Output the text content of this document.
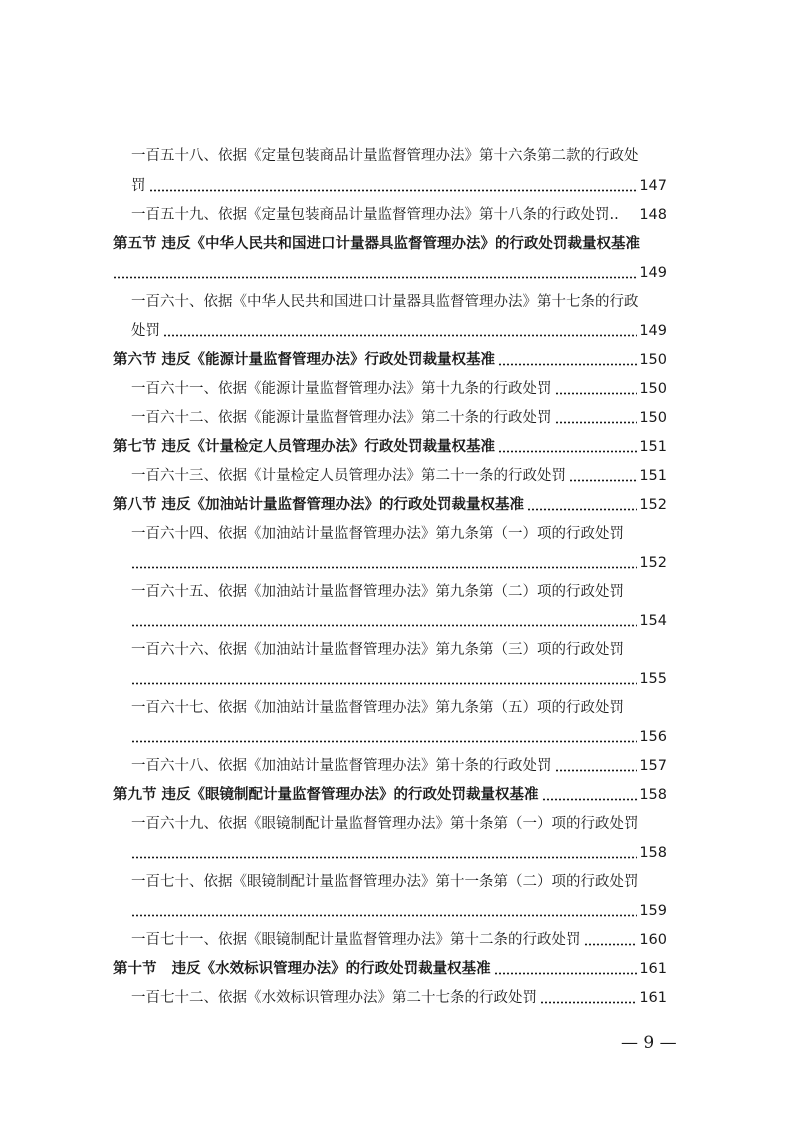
一百五十八、依据《定量包装商品计量监督管理办法》第十六条第二款的行政处
罚	147
一百五十九、依据《定量包装商品计量监督管理办法》第十八条的行政处罚.. 148
第五节 违反《中华人民共和国进口计量器具监督管理办法》的行政处罚裁量权基准
149
一百六十、依据《中华人民共和国进口计量器具监督管理办法》第十七条的行政
处罚	149
第六节 违反《能源计量监督管理办法》行政处罚裁量权基准	150
一百六十一、依据《能源计量监督管理办法》第十九条的行政处罚	150
一百六十二、依据《能源计量监督管理办法》第二十条的行政处罚	150
第七节 违反《计量检定人员管理办法》行政处罚裁量权基准	151
一百六十三、依据《计量检定人员管理办法》第二十一条的行政处罚	151
第八节 违反《加油站计量监督管理办法》的行政处罚裁量权基准	152
一百六十四、依据《加油站计量监督管理办法》第九条第（一）项的行政处罚
152
一百六十五、依据《加油站计量监督管理办法》第九条第（二）项的行政处罚
154
一百六十六、依据《加油站计量监督管理办法》第九条第（三）项的行政处罚
155
一百六十七、依据《加油站计量监督管理办法》第九条第（五）项的行政处罚
156
一百六十八、依据《加油站计量监督管理办法》第十条的行政处罚	157
第九节 违反《眼镜制配计量监督管理办法》的行政处罚裁量权基准	158
一百六十九、依据《眼镜制配计量监督管理办法》第十条第（一）项的行政处罚
158
一百七十、依据《眼镜制配计量监督管理办法》第十一条第（二）项的行政处罚
159
一百七十一、依据《眼镜制配计量监督管理办法》第十二条的行政处罚	160
第十节   违反《水效标识管理办法》的行政处罚裁量权基准	161
一百七十二、依据《水效标识管理办法》第二十七条的行政处罚	161
— 9 —
